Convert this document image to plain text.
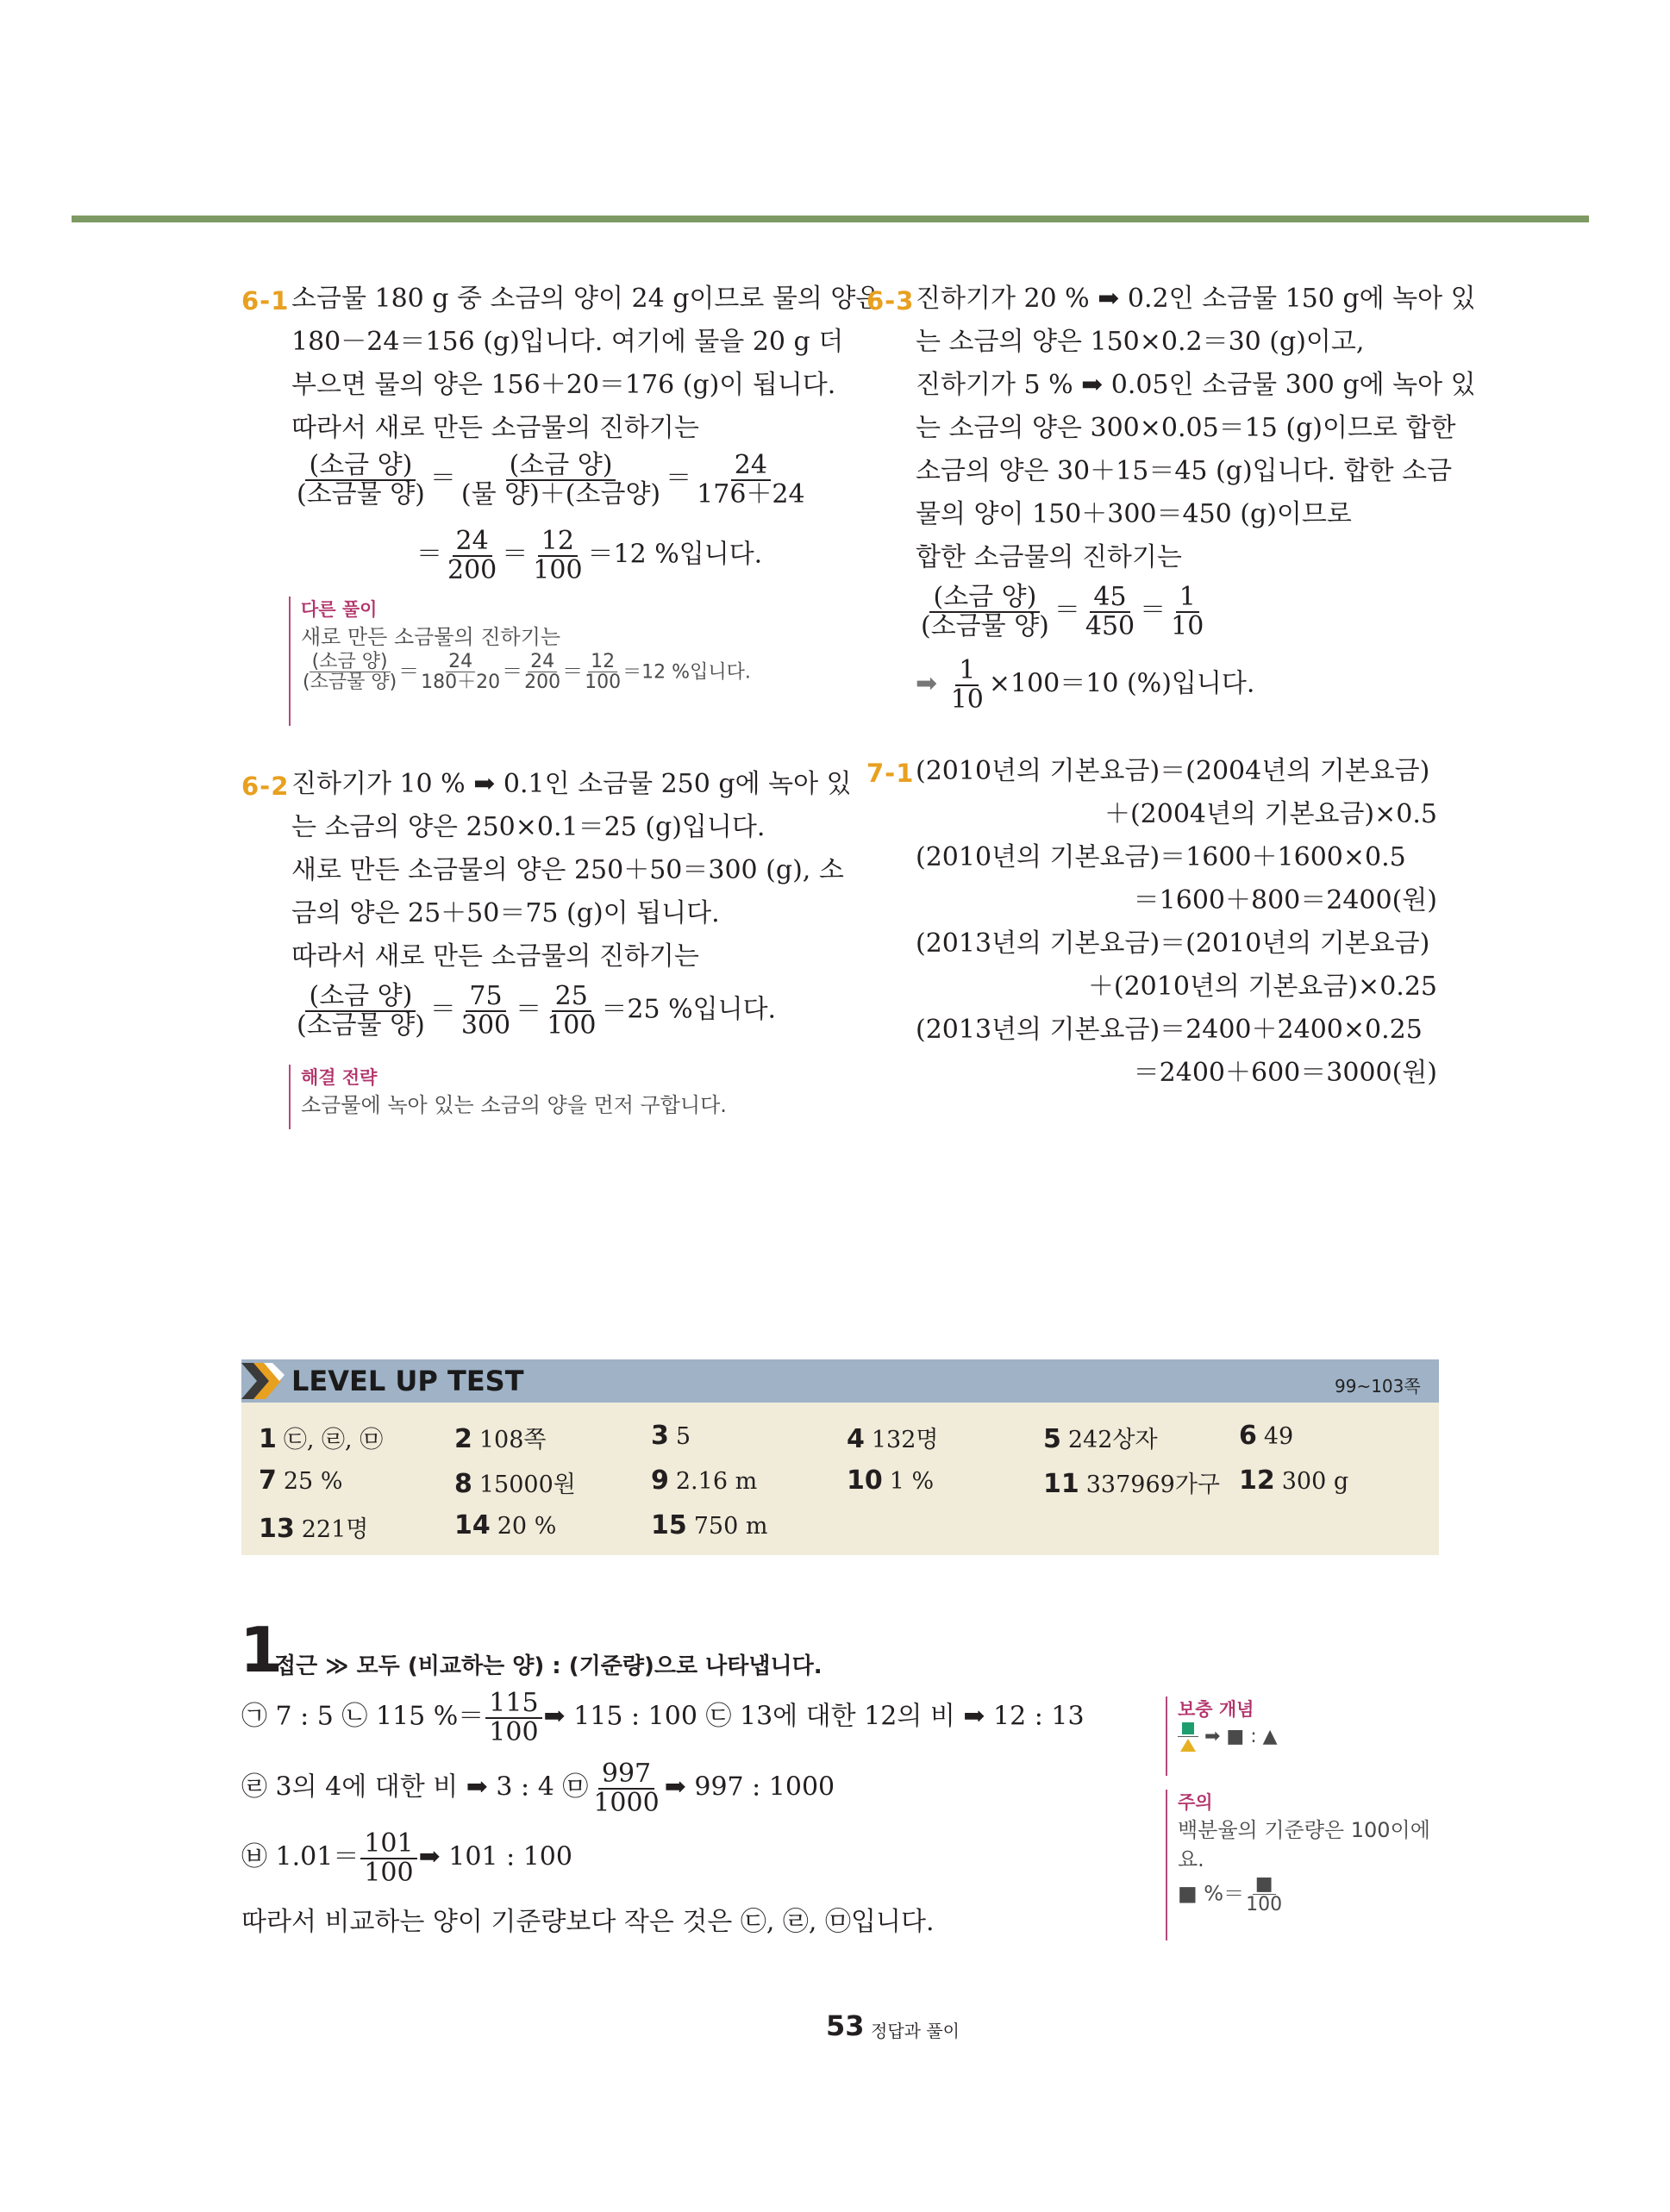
6-1 소금물 180 g 중 소금의 양이 24 g이므로 물의 양은
180－24＝156 (g)입니다. 여기에 물을 20 g 더
부으면 물의 양은 156＋20＝176 (g)이 됩니다.
따라서 새로 만든 소금물의 진하기는
$\frac{\text{(소금 양)}}{\text{(소금물 양)}} = \frac{\text{(소금 양)}}{\text{(물 양)＋(소금양)}} = \frac{24}{176+24}$
＝ $\frac{24}{200} = \frac{12}{100} =12$ %입니다.
다른 풀이
새로 만든 소금물의 진하기는
(소금 양)
(소금물 양) ＝ $\frac{24}{180+20} = \frac{24}{200} = \frac{12}{100} =12$ %입니다.
6-2 진하기가 10 % ➡ 0.1인 소금물 250 g에 녹아 있
는 소금의 양은 250×0.1＝25 (g)입니다.
새로 만든 소금물의 양은 250＋50＝300 (g), 소
금의 양은 25＋50＝75 (g)이 됩니다.
따라서 새로 만든 소금물의 진하기는
$\frac{\text{(소금 양)}}{\text{(소금물 양)}} = \frac{75}{300} = \frac{25}{100} =25$ %입니다.
해결 전략
소금물에 녹아 있는 소금의 양을 먼저 구합니다.
6-3 진하기가 20 % ➡ 0.2인 소금물 150 g에 녹아 있
는 소금의 양은 150×0.2＝30 (g)이고,
진하기가 5 % ➡ 0.05인 소금물 300 g에 녹아 있
는 소금의 양은 300×0.05＝15 (g)이므로 합한
소금의 양은 30＋15＝45 (g)입니다. 합한 소금
물의 양이 150＋300＝450 (g)이므로
합한 소금물의 진하기는
$\frac{\text{(소금 양)}}{\text{(소금물 양)}} = \frac{45}{450} = \frac{1}{10}$
➡ $\frac{1}{10} \times 100=10$ (%)입니다.
7-1 (2010년의 기본요금)＝(2004년의 기본요금)
＋(2004년의 기본요금)×0.5
(2010년의 기본요금)＝1600＋1600×0.5
＝1600＋800＝2400(원)
(2013년의 기본요금)＝(2010년의 기본요금)
＋(2010년의 기본요금)×0.25
(2013년의 기본요금)＝2400＋2400×0.25
＝2400＋600＝3000(원)
LEVEL UP TEST	99~103쪽
1 ㉢, ㉣, ㉤	2 108쪽	3 5	4 132명	5 242상자	6 49
7 25 %	8 15000원	9 2.16 m	10 1 %	11 337969가구 12 300 g
13 221명	14 20 %	15 750 m
1
접근 ≫ 모두 (비교하는 양) : (기준량)으로 나타냅니다.
㉠ 7 : 5 ㉡ 115 %＝ $\frac{115}{100}$ ➡ 115 : 100 ㉢ 13에 대한 12의 비 ➡ 12 : 13
㉣ 3의 4에 대한 비 ➡ 3 : 4 ㉤ $\frac{997}{1000}$ ➡ 997 : 1000
㉥ $1.01= \frac{101}{100}$ ➡ 101 : 100
따라서 비교하는 양이 기준량보다 작은 것은 ㉢, ㉣, ㉤입니다.
보충 개념
➡ ■ : ▲
주의
백분율의 기준량은 100이에
요.
■ %＝ ■
100
53 정답과 풀이
